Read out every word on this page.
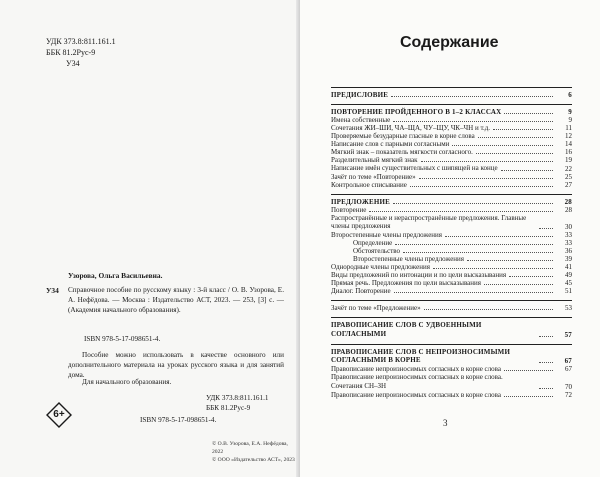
УДК 373.8:811.161.1
ББК 81.2Рус-9
У34
Узорова, Ольга Васильевна.
У34 Справочное пособие по русскому языку : 3-й класс / О. В. Узорова, Е. А. Нефёдова. — Москва : Издательство АСТ, 2023. — 253, [3] с. — (Академия начального образования).
ISBN 978-5-17-098651-4.
Пособие можно использовать в качестве основного или дополнительного материала на уроках русского языка и для занятий дома.
Для начального образования.
УДК 373.8:811.161.1
ББК 81.2Рус-9
ISBN 978-5-17-098651-4.
6+
© О.В. Узорова, Е.А. Нефёдова, 2022
© ООО «Издательство АСТ», 2023
Содержание
ПРЕДИСЛОВИЕ	6
ПОВТОРЕНИЕ ПРОЙДЕННОГО В 1–2 КЛАССАХ	9
Имена собственные	9
Сочетания ЖИ–ШИ, ЧА–ЩА, ЧУ–ЩУ, ЧК–ЧН и т.д.	11
Проверяемые безударные гласные в корне слова	12
Написание слов с парными согласными	14
Мягкий знак – показатель мягкости согласного.	16
Разделительный мягкий знак	19
Написание имён существительных с шипящей на конце	22
Зачёт по теме «Повторение»	25
Контрольное списывание	27
ПРЕДЛОЖЕНИЕ	28
Повторение	28
Распространённые и нераспространённые предложения. Главные члены предложения	30
Второстепенные члены предложения	33
Определение	33
Обстоятельство	36
Второстепенные члены предложения	39
Однородные члены предложения	41
Виды предложений по интонации и по цели высказывания	49
Прямая речь. Предложения по цели высказывания	45
Диалог. Повторение	51
Зачёт по теме «Предложение»	53
ПРАВОПИСАНИЕ СЛОВ С УДВОЕННЫМИ СОГЛАСНЫМИ	57
ПРАВОПИСАНИЕ СЛОВ С НЕПРОИЗНОСИМЫМИ СОГЛАСНЫМИ В КОРНЕ	67
Правописание непроизносимых согласных в корне слова	67
Правописание непроизносимых согласных в корне слова. Сочетания СН–ЗН	70
Правописание непроизносимых согласных в корне слова	72
3
